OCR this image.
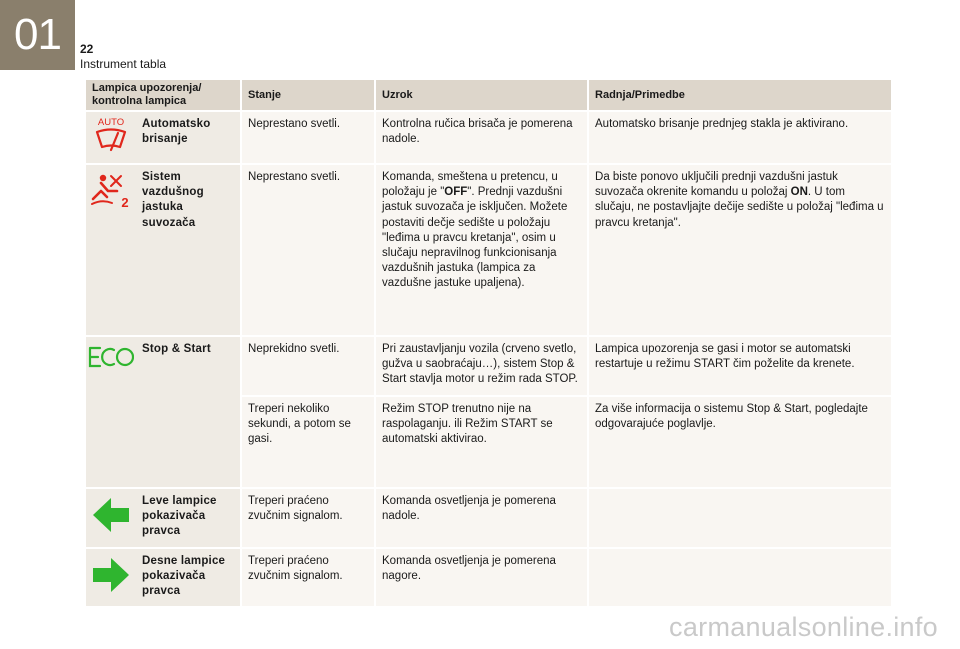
01 22
Instrument tabla
Lampica upozorenja/ kontrolna lampica		Stanje	Uzrok	Radnja/Primedbe

AUTO	Automatsko brisanje	Neprestano svetli.	Kontrolna ručica brisača je pomerena nadole.	Automatsko brisanje prednjeg stakla je aktivirano.

2	Sistem vazdušnog jastuka suvozača	Neprestano svetli.	Komanda, smeštena u pretencu, u položaju je "OFF". Prednji vazdušni jastuk suvozača je isključen. Možete postaviti dečje sedište u položaju "leđima u pravcu kretanja", osim u slučaju nepravilnog funkcionisanja vazdušnih jastuka (lampica za vazdušne jastuke upaljena).	Da biste ponovo uključili prednji vazdušni jastuk suvozača okrenite komandu u položaj ON. U tom slučaju, ne postavljajte dečije sedište u položaj "leđima u pravcu kretanja".

	Stop & Start	Neprekidno svetli.	Pri zaustavljanju vozila (crveno svetlo, gužva u saobraćaju…), sistem Stop & Start stavlja motor u režim rada STOP.	Lampica upozorenja se gasi i motor se automatski restartuje u režimu START čim poželite da krenete.
		Treperi nekoliko sekundi, a potom se gasi.	Režim STOP trenutno nije na raspolaganju. ili Režim START se automatski aktivirao.	Za više informacija o sistemu Stop & Start, pogledajte odgovarajuće poglavlje.

	Leve lampice pokazivača pravca	Treperi praćeno zvučnim signalom.	Komanda osvetljenja je pomerena nadole.	

	Desne lampice pokazivača pravca	Treperi praćeno zvučnim signalom.	Komanda osvetljenja je pomerena nagore.	
carmanualsonline.info
